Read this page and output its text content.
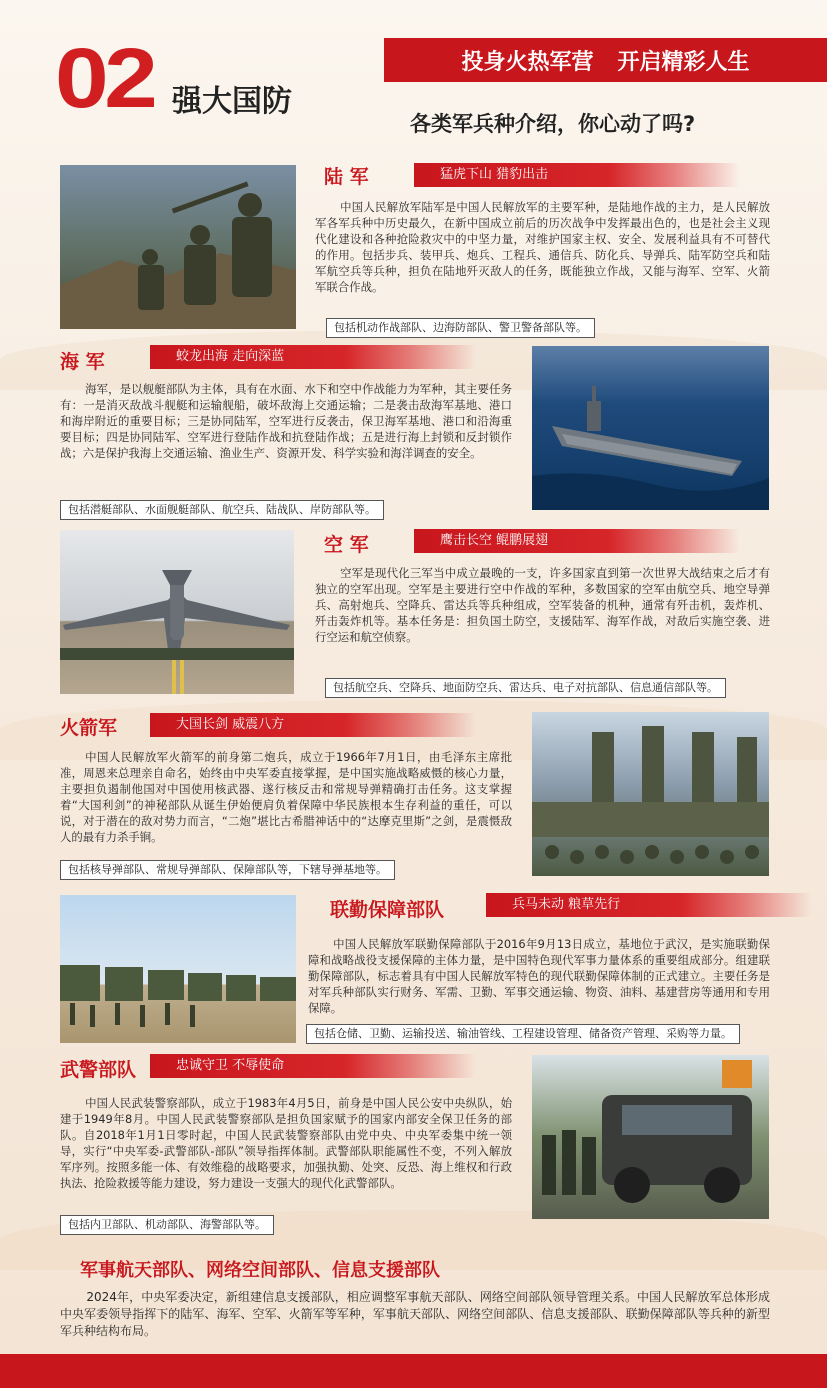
02 强大国防
投身火热军营 开启精彩人生
各类军兵种介绍，你心动了吗?
陆 军	猛虎下山 猎豹出击
中国人民解放军陆军是中国人民解放军的主要军种，是陆地作战的主力，是人民解放军各军兵种中历史最久，在新中国成立前后的历次战争中发挥最出色的，也是社会主义现代化建设和各种抢险救灾中的中坚力量，对维护国家主权、安全、发展利益具有不可替代的作用。包括步兵、装甲兵、炮兵、工程兵、通信兵、防化兵、导弹兵、陆军防空兵和陆军航空兵等兵种，担负在陆地歼灭敌人的任务，既能独立作战，又能与海军、空军、火箭军联合作战。
包括机动作战部队、边海防部队、警卫警备部队等。
海 军	蛟龙出海 走向深蓝
海军，是以舰艇部队为主体，具有在水面、水下和空中作战能力为军种，其主要任务有：一是消灭敌战斗舰艇和运输舰船，破坏敌海上交通运输；二是袭击敌海军基地、港口和海岸附近的重要目标；三是协同陆军，空军进行反袭击，保卫海军基地、港口和沿海重要目标；四是协同陆军、空军进行登陆作战和抗登陆作战；五是进行海上封锁和反封锁作战；六是保护我海上交通运输、渔业生产、资源开发、科学实验和海洋调查的安全。
包括潜艇部队、水面舰艇部队、航空兵、陆战队、岸防部队等。
空 军	鹰击长空 鲲鹏展翅
空军是现代化三军当中成立最晚的一支，许多国家直到第一次世界大战结束之后才有独立的空军出现。空军是主要进行空中作战的军种，多数国家的空军由航空兵、地空导弹兵、高射炮兵、空降兵、雷达兵等兵种组成，空军装备的机种，通常有歼击机，轰炸机、歼击轰炸机等。基本任务是：担负国土防空，支援陆军、海军作战，对敌后实施空袭、进行空运和航空侦察。
包括航空兵、空降兵、地面防空兵、雷达兵、电子对抗部队、信息通信部队等。
火箭军	大国长剑 威震八方
中国人民解放军火箭军的前身第二炮兵，成立于1966年7月1日，由毛泽东主席批准，周恩来总理亲自命名，始终由中央军委直接掌握，是中国实施战略威慑的核心力量，主要担负遏制他国对中国使用核武器、遂行核反击和常规导弹精确打击任务。这支掌握着“大国利剑”的神秘部队从诞生伊始便肩负着保障中华民族根本生存利益的重任，可以说，对于潜在的敌对势力而言，“二炮”堪比古希腊神话中的“达摩克里斯”之剑，是震慑敌人的最有力杀手锏。
包括核导弹部队、常规导弹部队、保障部队等，下辖导弹基地等。
联勤保障部队	兵马未动 粮草先行
中国人民解放军联勤保障部队于2016年9月13日成立，基地位于武汉，是实施联勤保障和战略战役支援保障的主体力量，是中国特色现代军事力量体系的重要组成部分。组建联勤保障部队，标志着具有中国人民解放军特色的现代联勤保障体制的正式建立。主要任务是对军兵种部队实行财务、军需、卫勤、军事交通运输、物资、油料、基建营房等通用和专用保障。
包括仓储、卫勤、运输投送、输油管线、工程建设管理、储备资产管理、采购等力量。
武警部队	忠诚守卫 不辱使命
中国人民武装警察部队，成立于1983年4月5日，前身是中国人民公安中央纵队，始建于1949年8月。中国人民武装警察部队是担负国家赋予的国家内部安全保卫任务的部队。自2018年1月1日零时起，中国人民武装警察部队由党中央、中央军委集中统一领导，实行“中央军委-武警部队-部队”领导指挥体制。武警部队职能属性不变，不列入解放军序列。按照多能一体、有效维稳的战略要求，加强执勤、处突、反恐、海上维权和行政执法、抢险救援等能力建设，努力建设一支强大的现代化武警部队。
包括内卫部队、机动部队、海警部队等。
军事航天部队、网络空间部队、信息支援部队
2024年，中央军委决定，新组建信息支援部队，相应调整军事航天部队、网络空间部队领导管理关系。中国人民解放军总体形成中央军委领导指挥下的陆军、海军、空军、火箭军等军种，军事航天部队、网络空间部队、信息支援部队、联勤保障部队等兵种的新型军兵种结构布局。
